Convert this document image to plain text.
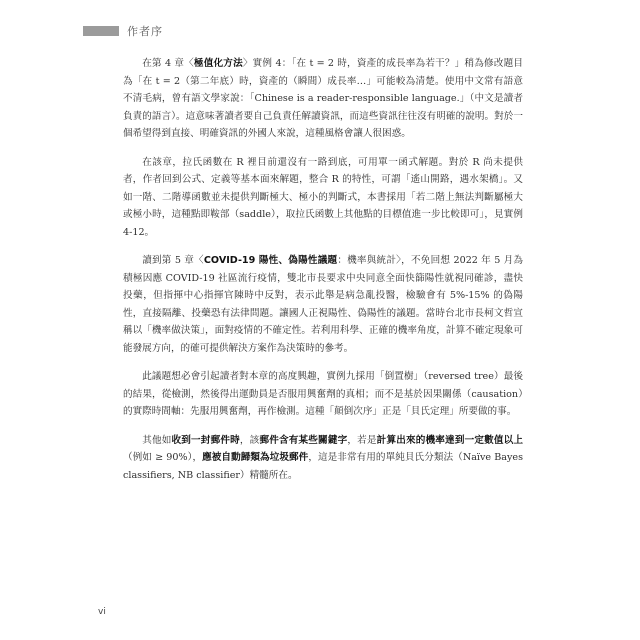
作者序

在第 4 章〈極值化方法〉實例 4：「在 t = 2 時，資產的成長率為若干？」稍為修改題目為「在 t = 2（第二年底）時，資產的（瞬間）成長率…」可能較為清楚。使用中文常有語意不清毛病，曾有語文學家說：「Chinese is a reader-responsible language.」（中文是讀者負責的語言）。這意味著讀者要自己負責任解讀資訊，而這些資訊往往沒有明確的說明。對於一個希望得到直接、明確資訊的外國人來說，這種風格會讓人很困惑。

在該章，拉氏函數在 R 裡目前還沒有一路到底，可用單一函式解題。對於 R 尚未提供者，作者回到公式、定義等基本面來解題，整合 R 的特性，可謂「遙山開路，遇水架橋」。又如一階、二階導函數並未提供判斷極大、極小的判斷式，本書採用「若二階上無法判斷屬極大或極小時，這種點即鞍部（saddle），取拉氏函數上其他點的目標值進一步比較即可」，見實例 4-12。

讀到第 5 章〈COVID-19 陽性、偽陽性議題：機率與統計〉，不免回想 2022 年 5 月為積極因應 COVID-19 社區流行疫情，雙北市長要求中央同意全面快篩陽性就視同確診，盡快投藥，但指揮中心指揮官陳時中反對，表示此舉是病急亂投醫，檢驗會有 5%-15% 的偽陽性，直接隔離、投藥恐有法律問題。讓國人正視陽性、偽陽性的議題。當時台北市長柯文哲宣稱以「機率做決策」，面對疫情的不確定性。若利用科學、正確的機率角度，計算不確定現象可能發展方向，的確可提供解決方案作為決策時的參考。

此議題想必會引起讀者對本章的高度興趣，實例九採用「倒置樹」（reversed tree）最後的結果，從檢測，然後得出運動員是否服用興奮劑的真相；而不是基於因果關係（causation）的實際時間軸：先服用興奮劑，再作檢測。這種「顛倒次序」正是「貝氏定理」所要做的事。

其他如收到一封郵件時，該郵件含有某些關鍵字，若是計算出來的機率達到一定數值以上（例如 ≥ 90%），應被自動歸類為垃圾郵件，這是非常有用的單純貝氏分類法（Naïve Bayes classifiers, NB classifier）精髓所在。

vi
